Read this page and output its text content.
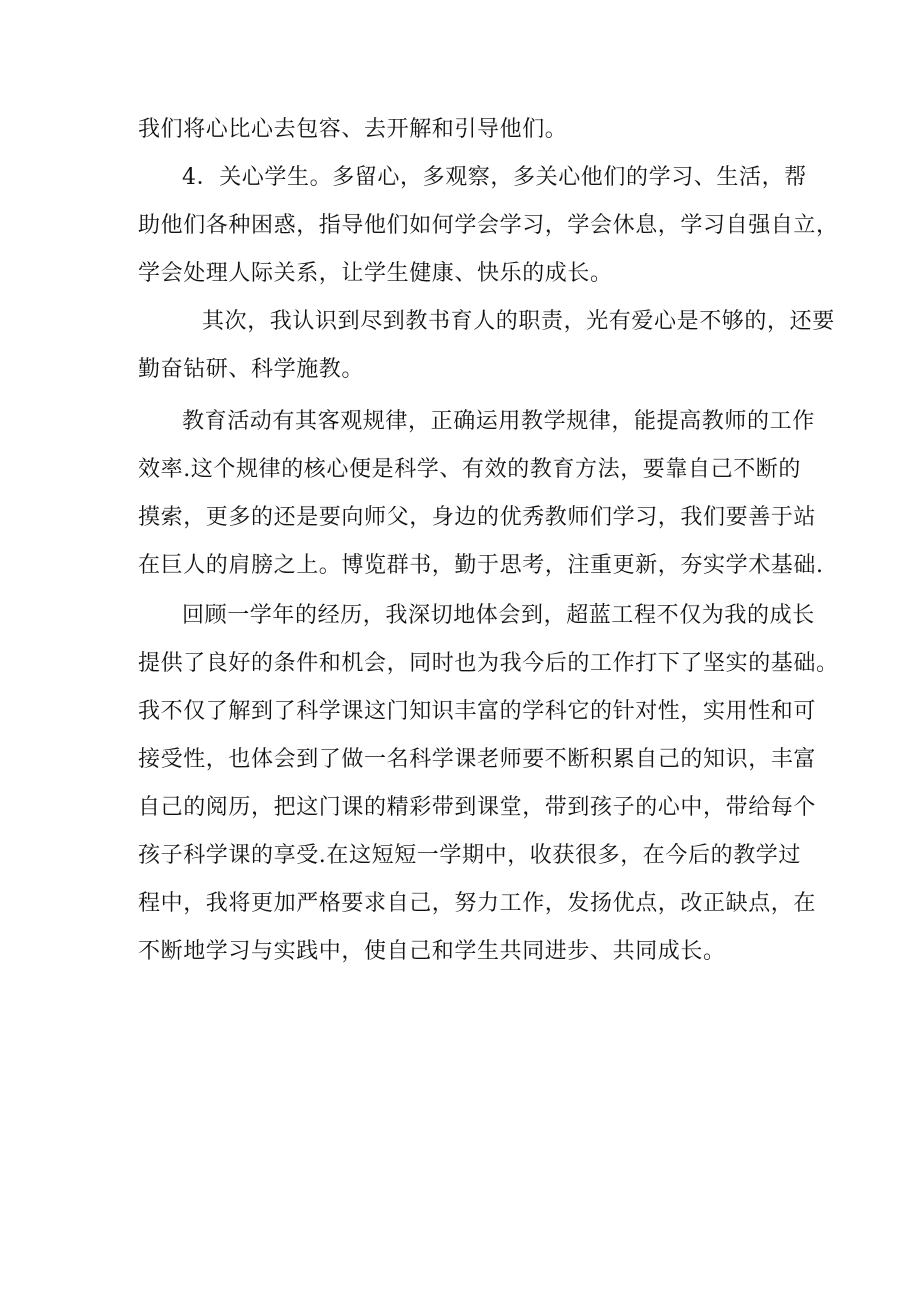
我们将心比心去包容、去开解和引导他们。
4．关心学生。多留心，多观察，多关心他们的学习、生活，帮
助他们各种困惑，指导他们如何学会学习，学会休息，学习自强自立，
学会处理人际关系，让学生健康、快乐的成长。
其次，我认识到尽到教书育人的职责，光有爱心是不够的，还要
勤奋钻研、科学施教。
教育活动有其客观规律，正确运用教学规律，能提高教师的工作
效率.这个规律的核心便是科学、有效的教育方法，要靠自己不断的
摸索，更多的还是要向师父，身边的优秀教师们学习，我们要善于站
在巨人的肩膀之上。博览群书，勤于思考，注重更新，夯实学术基础.
回顾一学年的经历，我深切地体会到，超蓝工程不仅为我的成长
提供了良好的条件和机会，同时也为我今后的工作打下了坚实的基础。
我不仅了解到了科学课这门知识丰富的学科它的针对性，实用性和可
接受性，也体会到了做一名科学课老师要不断积累自己的知识，丰富
自己的阅历，把这门课的精彩带到课堂，带到孩子的心中，带给每个
孩子科学课的享受.在这短短一学期中，收获很多，在今后的教学过
程中，我将更加严格要求自己，努力工作，发扬优点，改正缺点，在
不断地学习与实践中，使自己和学生共同进步、共同成长。
